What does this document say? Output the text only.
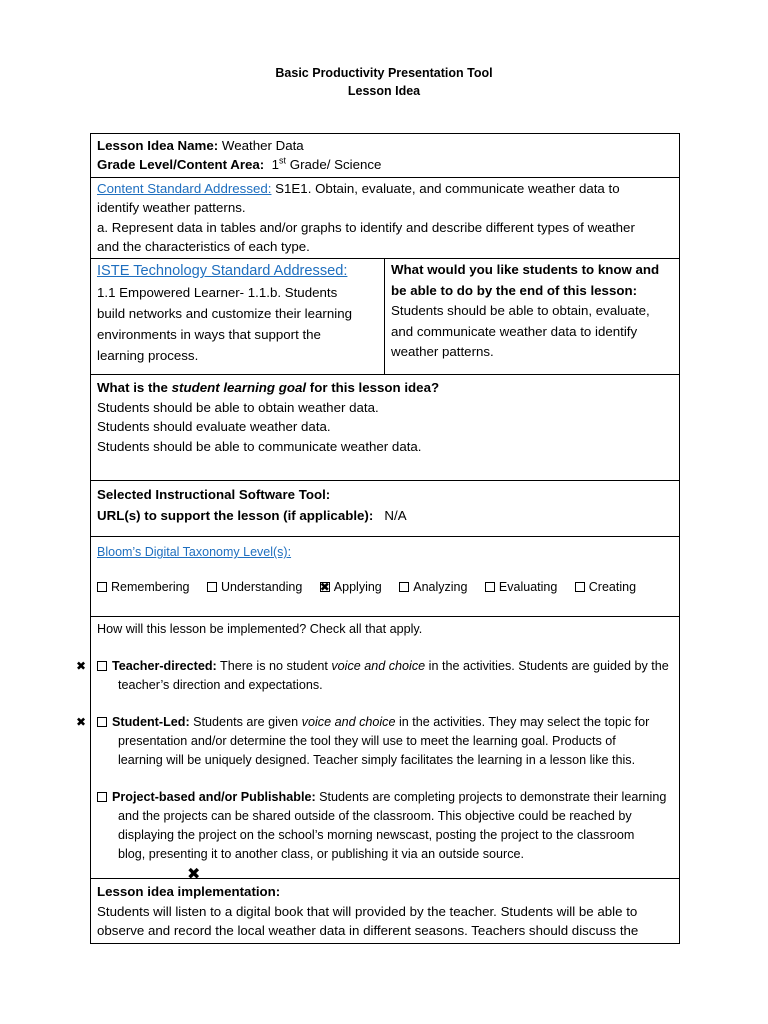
Basic Productivity Presentation Tool
Lesson Idea
Lesson Idea Name: Weather Data
Grade Level/Content Area: 1st Grade/ Science

Content Standard Addressed: S1E1. Obtain, evaluate, and communicate weather data to
identify weather patterns.
a. Represent data in tables and/or graphs to identify and describe different types of weather
and the characteristics of each type.

ISTE Technology Standard Addressed:
1.1 Empowered Learner- 1.1.b. Students
build networks and customize their learning
environments in ways that support the
learning process.

What would you like students to know and
be able to do by the end of this lesson:
Students should be able to obtain, evaluate,
and communicate weather data to identify
weather patterns.

What is the student learning goal for this lesson idea?
Students should be able to obtain weather data.
Students should evaluate weather data.
Students should be able to communicate weather data.

Selected Instructional Software Tool:
URL(s) to support the lesson (if applicable): N/A

Bloom’s Digital Taxonomy Level(s):
Remembering	Understanding ✖	Applying	Analyzing	Evaluating	Creating

How will this lesson be implemented? Check all that apply.
✖Teacher-directed: There is no student voice and choice in the activities. Students are guided by the
teacher’s direction and expectations.
✖Student-Led: Students are given voice and choice in the activities. They may select the topic for
presentation and/or determine the tool they will use to meet the learning goal. Products of
learning will be uniquely designed. Teacher simply facilitates the learning in a lesson like this.
Project-based and/or Publishable: Students are completing projects to demonstrate their learning
and the projects can be shared outside of the classroom. This objective could be reached by
displaying the project on the school’s morning newscast, posting the project to the classroom
blog, presenting it to another class, or publishing it via an outside source.

✖
Lesson idea implementation:
Students will listen to a digital book that will provided by the teacher. Students will be able to
observe and record the local weather data in different seasons. Teachers should discuss the
